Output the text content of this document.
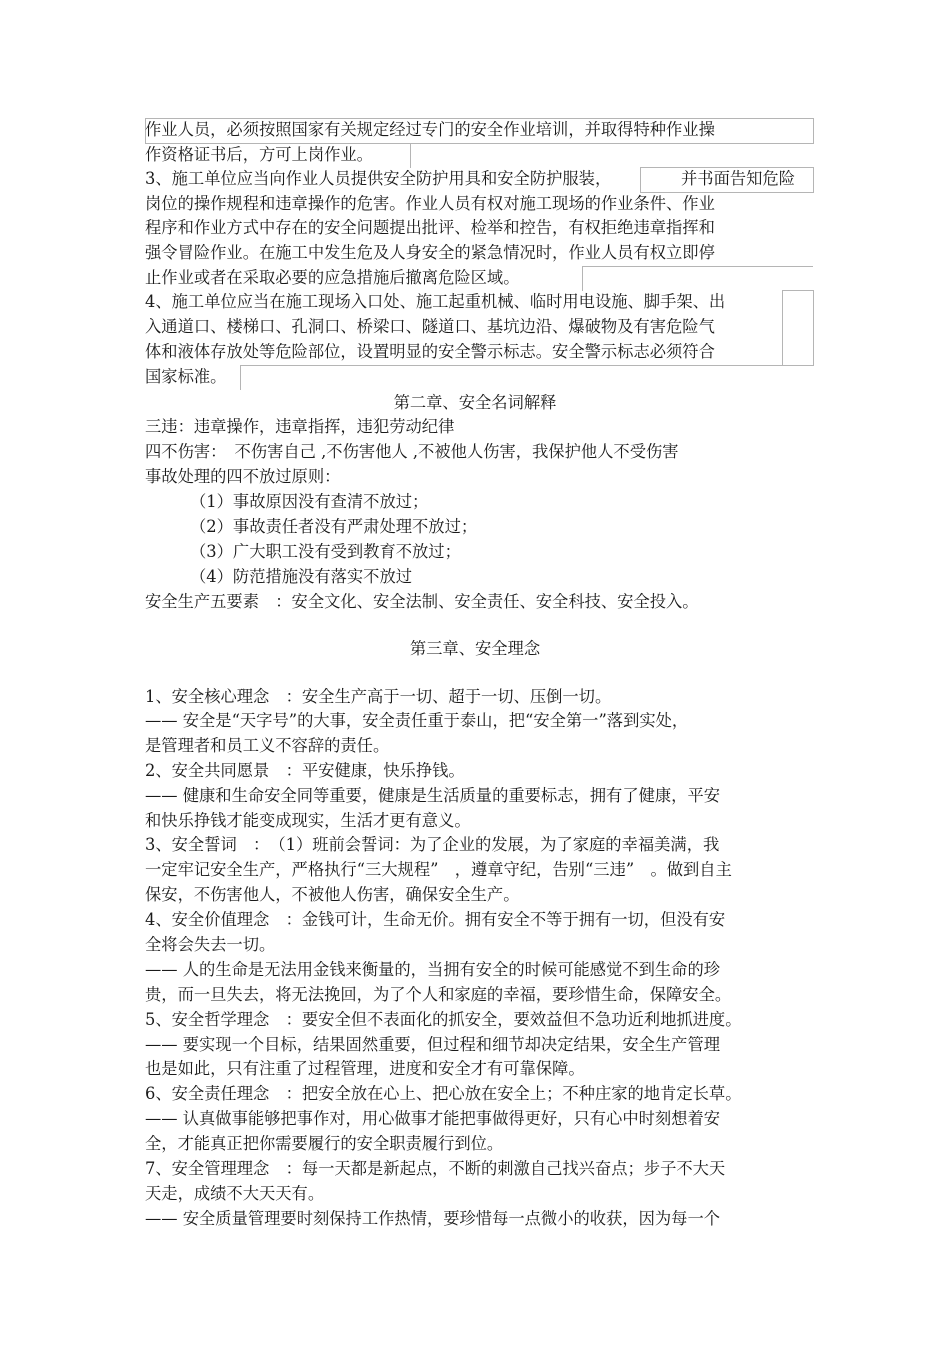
作业人员，必须按照国家有关规定经过专门的安全作业培训，并取得特种作业操
作资格证书后，方可上岗作业。
3、施工单位应当向作业人员提供安全防护用具和安全防护服装，	并书面告知危险
岗位的操作规程和违章操作的危害。作业人员有权对施工现场的作业条件、作业
程序和作业方式中存在的安全问题提出批评、检举和控告，有权拒绝违章指挥和
强令冒险作业。在施工中发生危及人身安全的紧急情况时，作业人员有权立即停
止作业或者在采取必要的应急措施后撤离危险区域。
4、施工单位应当在施工现场入口处、施工起重机械、临时用电设施、脚手架、出
入通道口、楼梯口、孔洞口、桥梁口、隧道口、基坑边沿、爆破物及有害危险气
体和液体存放处等危险部位，设置明显的安全警示标志。安全警示标志必须符合
国家标准。
第二章、安全名词解释
三违：违章操作，违章指挥，违犯劳动纪律
四不伤害：　不伤害自己 ,不伤害他人 ,不被他人伤害，我保护他人不受伤害
事故处理的四不放过原则：
（1）事故原因没有查清不放过；
（2）事故责任者没有严肃处理不放过；
（3）广大职工没有受到教育不放过；
（4）防范措施没有落实不放过
安全生产五要素　：安全文化、安全法制、安全责任、安全科技、安全投入。
第三章、安全理念
1、安全核心理念　：安全生产高于一切、超于一切、压倒一切。
—— 安全是“天字号”的大事，安全责任重于泰山，把“安全第一”落到实处，
是管理者和员工义不容辞的责任。
2、安全共同愿景　：平安健康，快乐挣钱。
—— 健康和生命安全同等重要，健康是生活质量的重要标志，拥有了健康，平安
和快乐挣钱才能变成现实，生活才更有意义。
3、安全誓词　：　（1）班前会誓词：为了企业的发展，为了家庭的幸福美满，我
一定牢记安全生产，严格执行“三大规程”　，遵章守纪，告别“三违”　。做到自主
保安，不伤害他人，不被他人伤害，确保安全生产。
4、安全价值理念　：金钱可计，生命无价。拥有安全不等于拥有一切，但没有安
全将会失去一切。
—— 人的生命是无法用金钱来衡量的，当拥有安全的时候可能感觉不到生命的珍
贵，而一旦失去，将无法挽回，为了个人和家庭的幸福，要珍惜生命，保障安全。
5、安全哲学理念　：要安全但不表面化的抓安全，要效益但不急功近利地抓进度。
—— 要实现一个目标，结果固然重要，但过程和细节却决定结果，安全生产管理
也是如此，只有注重了过程管理，进度和安全才有可靠保障。
6、安全责任理念　：把安全放在心上、把心放在安全上；不种庄家的地肯定长草。
—— 认真做事能够把事作对，用心做事才能把事做得更好，只有心中时刻想着安
全，才能真正把你需要履行的安全职责履行到位。
7、安全管理理念　：每一天都是新起点，不断的刺激自己找兴奋点；步子不大天
天走，成绩不大天天有。
—— 安全质量管理要时刻保持工作热情，要珍惜每一点微小的收获，因为每一个
